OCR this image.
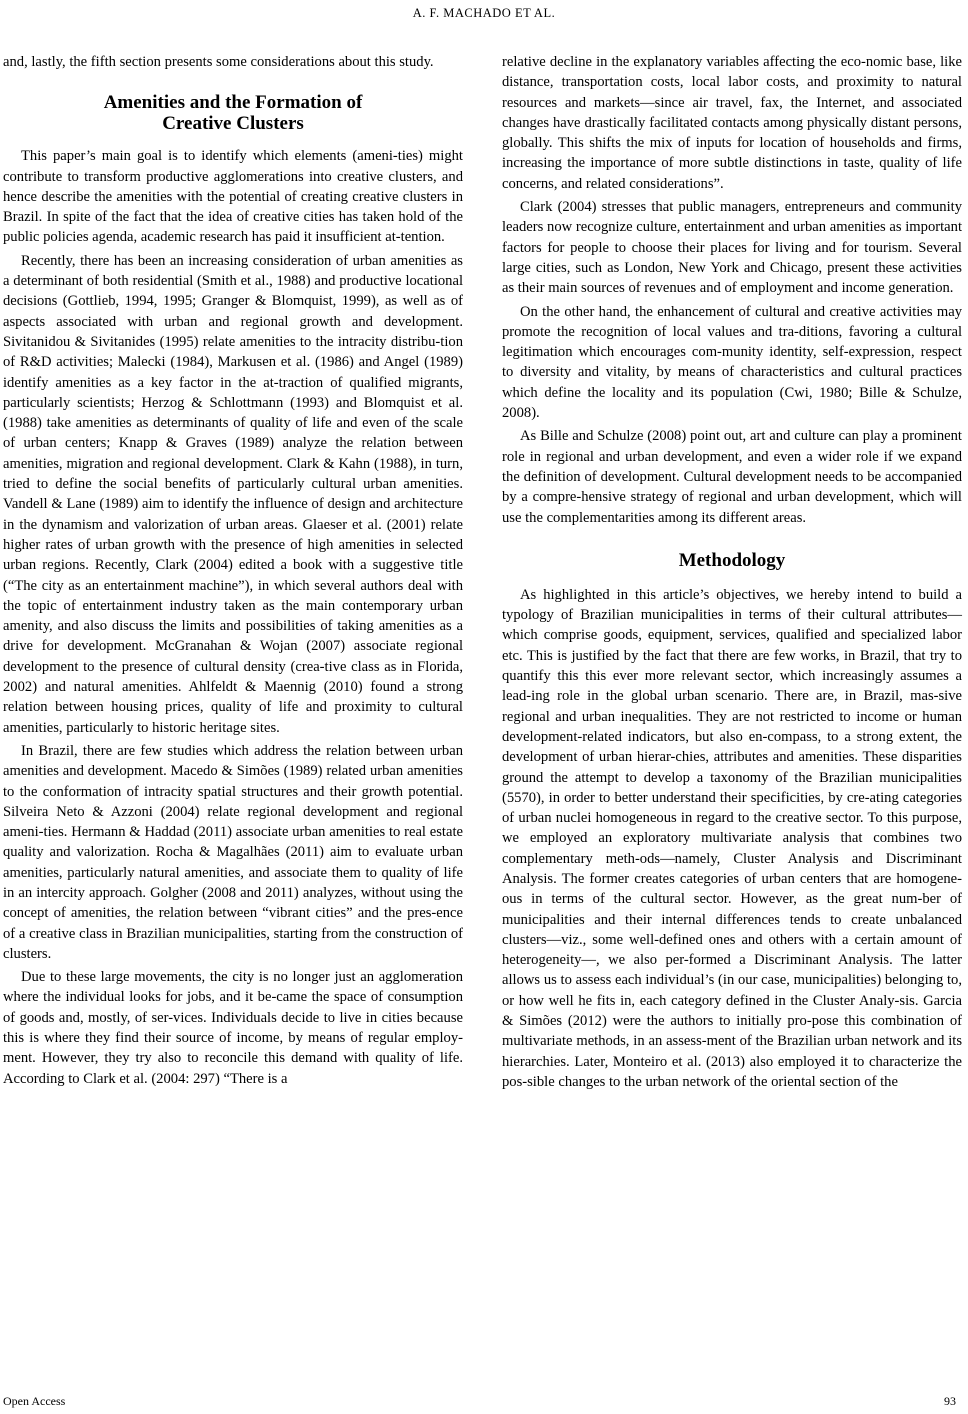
A. F. MACHADO ET AL.

and, lastly, the fifth section presents some considerations about this study.

Amenities and the Formation of
Creative Clusters

This paper’s main goal is to identify which elements (ameni-ties) might contribute to transform productive agglomerations into creative clusters, and hence describe the amenities with the potential of creating creative clusters in Brazil. In spite of the fact that the idea of creative cities has taken hold of the public policies agenda, academic research has paid it insufficient at-tention.

Recently, there has been an increasing consideration of urban amenities as a determinant of both residential (Smith et al., 1988) and productive locational decisions (Gottlieb, 1994, 1995; Granger & Blomquist, 1999), as well as of aspects associated with urban and regional growth and development. Sivitanidou & Sivitanides (1995) relate amenities to the intracity distribu-tion of R&D activities; Malecki (1984), Markusen et al. (1986) and Angel (1989) identify amenities as a key factor in the at-traction of qualified migrants, particularly scientists; Herzog & Schlottmann (1993) and Blomquist et al. (1988) take amenities as determinants of quality of life and even of the scale of urban centers; Knapp & Graves (1989) analyze the relation between amenities, migration and regional development. Clark & Kahn (1988), in turn, tried to define the social benefits of particularly cultural urban amenities. Vandell & Lane (1989) aim to identify the influence of design and architecture in the dynamism and valorization of urban areas. Glaeser et al. (2001) relate higher rates of urban growth with the presence of high amenities in selected urban regions. Recently, Clark (2004) edited a book with a suggestive title (“The city as an entertainment machine”), in which several authors deal with the topic of entertainment industry taken as the main contemporary urban amenity, and also discuss the limits and possibilities of taking amenities as a drive for development. McGranahan & Wojan (2007) associate regional development to the presence of cultural density (crea-tive class as in Florida, 2002) and natural amenities. Ahlfeldt & Maennig (2010) found a strong relation between housing prices, quality of life and proximity to cultural amenities, particularly to historic heritage sites.

In Brazil, there are few studies which address the relation between urban amenities and development. Macedo & Simões (1989) related urban amenities to the conformation of intracity spatial structures and their growth potential. Silveira Neto & Azzoni (2004) relate regional development and regional ameni-ties. Hermann & Haddad (2011) associate urban amenities to real estate quality and valorization. Rocha & Magalhães (2011) aim to evaluate urban amenities, particularly natural amenities, and associate them to quality of life in an intercity approach. Golgher (2008 and 2011) analyzes, without using the concept of amenities, the relation between “vibrant cities” and the pres-ence of a creative class in Brazilian municipalities, starting from the construction of clusters.

Due to these large movements, the city is no longer just an agglomeration where the individual looks for jobs, and it be-came the space of consumption of goods and, mostly, of ser-vices. Individuals decide to live in cities because this is where they find their source of income, by means of regular employ-ment. However, they try also to reconcile this demand with quality of life. According to Clark et al. (2004: 297) “There is a

relative decline in the explanatory variables affecting the eco-nomic base, like distance, transportation costs, local labor costs, and proximity to natural resources and markets—since air travel, fax, the Internet, and associated changes have drastically facilitated contacts among physically distant persons, globally. This shifts the mix of inputs for location of households and firms, increasing the importance of more subtle distinctions in taste, quality of life concerns, and related considerations”.

Clark (2004) stresses that public managers, entrepreneurs and community leaders now recognize culture, entertainment and urban amenities as important factors for people to choose their places for living and for tourism. Several large cities, such as London, New York and Chicago, present these activities as their main sources of revenues and of employment and income generation.

On the other hand, the enhancement of cultural and creative activities may promote the recognition of local values and tra-ditions, favoring a cultural legitimation which encourages com-munity identity, self-expression, respect to diversity and vitality, by means of characteristics and cultural practices which define the locality and its population (Cwi, 1980; Bille & Schulze, 2008).

As Bille and Schulze (2008) point out, art and culture can play a prominent role in regional and urban development, and even a wider role if we expand the definition of development. Cultural development needs to be accompanied by a compre-hensive strategy of regional and urban development, which will use the complementarities among its different areas.

Methodology

As highlighted in this article’s objectives, we hereby intend to build a typology of Brazilian municipalities in terms of their cultural attributes—which comprise goods, equipment, services, qualified and specialized labor etc. This is justified by the fact that there are few works, in Brazil, that try to quantify this this ever more relevant sector, which increasingly assumes a lead-ing role in the global urban scenario. There are, in Brazil, mas-sive regional and urban inequalities. They are not restricted to income or human development-related indicators, but also en-compass, to a strong extent, the development of urban hierar-chies, attributes and amenities. These disparities ground the attempt to develop a taxonomy of the Brazilian municipalities (5570), in order to better understand their specificities, by cre-ating categories of urban nuclei homogeneous in regard to the creative sector. To this purpose, we employed an exploratory multivariate analysis that combines two complementary meth-ods—namely, Cluster Analysis and Discriminant Analysis. The former creates categories of urban centers that are homogene-ous in terms of the cultural sector. However, as the great num-ber of municipalities and their internal differences tends to create unbalanced clusters—viz., some well-defined ones and others with a certain amount of heterogeneity—, we also per-formed a Discriminant Analysis. The latter allows us to assess each individual’s (in our case, municipalities) belonging to, or how well he fits in, each category defined in the Cluster Analy-sis. Garcia & Simões (2012) were the authors to initially pro-pose this combination of multivariate methods, in an assess-ment of the Brazilian urban network and its hierarchies. Later, Monteiro et al. (2013) also employed it to characterize the pos-sible changes to the urban network of the oriental section of the

Open Access	93
